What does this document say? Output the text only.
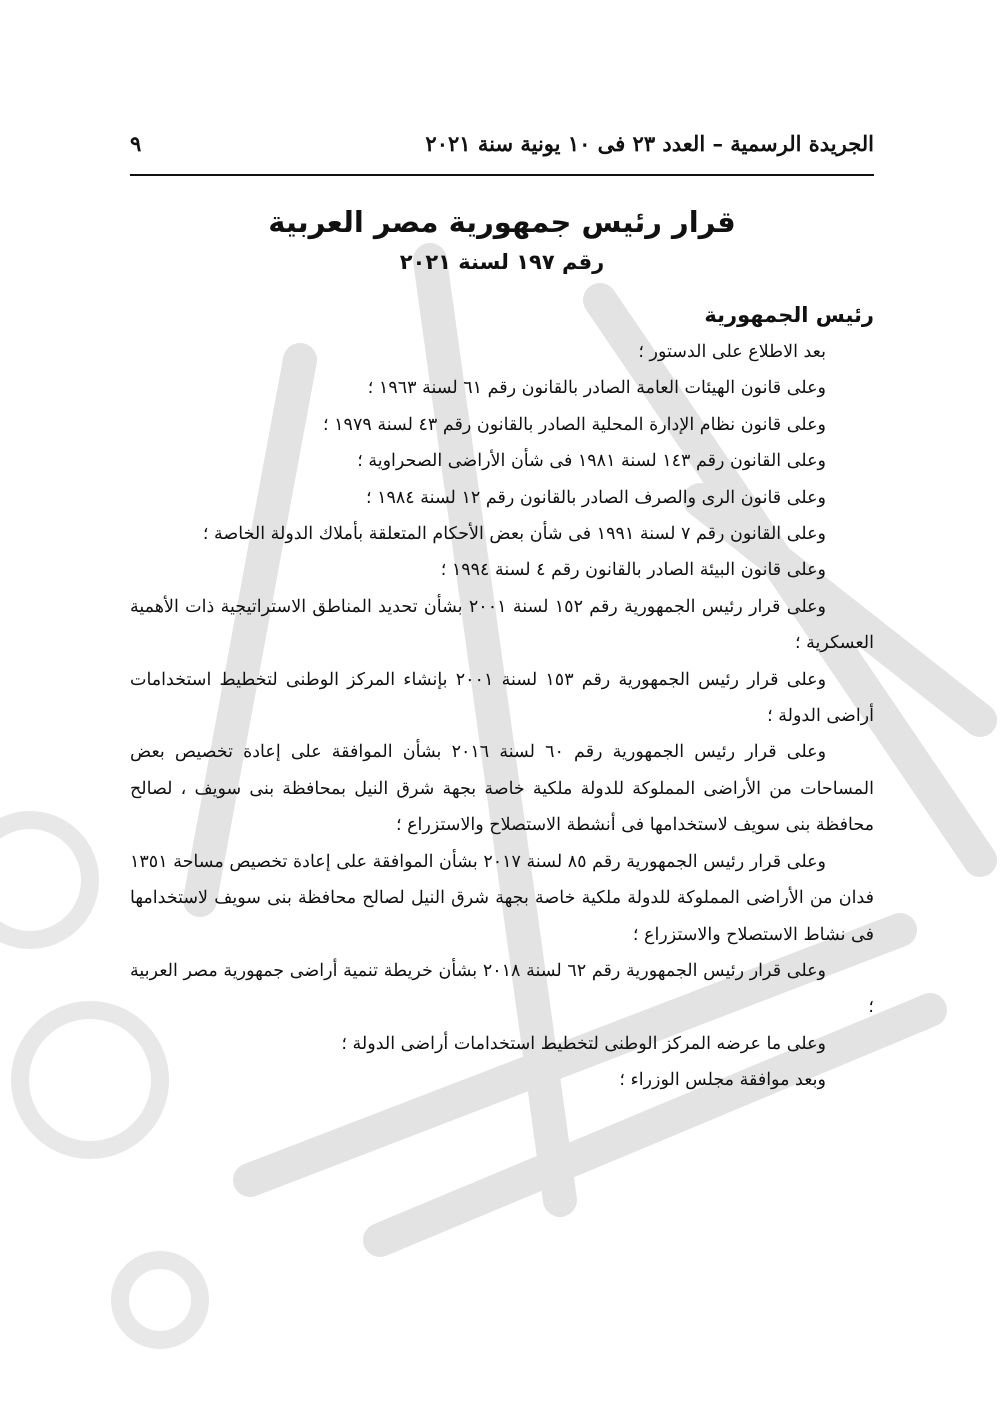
الجريدة الرسمية – العدد ٢٣ فى ١٠ يونية سنة ٢٠٢١
٩
قرار رئيس جمهورية مصر العربية
رقم ١٩٧ لسنة ٢٠٢١
رئيس الجمهورية

بعد الاطلاع على الدستور ؛

وعلى قانون الهيئات العامة الصادر بالقانون رقم ٦١ لسنة ١٩٦٣ ؛

وعلى قانون نظام الإدارة المحلية الصادر بالقانون رقم ٤٣ لسنة ١٩٧٩ ؛

وعلى القانون رقم ١٤٣ لسنة ١٩٨١ فى شأن الأراضى الصحراوية ؛

وعلى قانون الرى والصرف الصادر بالقانون رقم ١٢ لسنة ١٩٨٤ ؛

وعلى القانون رقم ٧ لسنة ١٩٩١ فى شأن بعض الأحكام المتعلقة بأملاك الدولة الخاصة ؛

وعلى قانون البيئة الصادر بالقانون رقم ٤ لسنة ١٩٩٤ ؛

وعلى قرار رئيس الجمهورية رقم ١٥٢ لسنة ٢٠٠١ بشأن تحديد المناطق الاستراتيجية ذات الأهمية العسكرية ؛

وعلى قرار رئيس الجمهورية رقم ١٥٣ لسنة ٢٠٠١ بإنشاء المركز الوطنى لتخطيط استخدامات أراضى الدولة ؛

وعلى قرار رئيس الجمهورية رقم ٦٠ لسنة ٢٠١٦ بشأن الموافقة على إعادة تخصيص بعض المساحات من الأراضى المملوكة للدولة ملكية خاصة بجهة شرق النيل بمحافظة بنى سويف ، لصالح محافظة بنى سويف لاستخدامها فى أنشطة الاستصلاح والاستزراع ؛

وعلى قرار رئيس الجمهورية رقم ٨٥ لسنة ٢٠١٧ بشأن الموافقة على إعادة تخصيص مساحة ١٣٥١ فدان من الأراضى المملوكة للدولة ملكية خاصة بجهة شرق النيل لصالح محافظة بنى سويف لاستخدامها فى نشاط الاستصلاح والاستزراع ؛

وعلى قرار رئيس الجمهورية رقم ٦٢ لسنة ٢٠١٨ بشأن خريطة تنمية أراضى جمهورية مصر العربية ؛

وعلى ما عرضه المركز الوطنى لتخطيط استخدامات أراضى الدولة ؛

وبعد موافقة مجلس الوزراء ؛
